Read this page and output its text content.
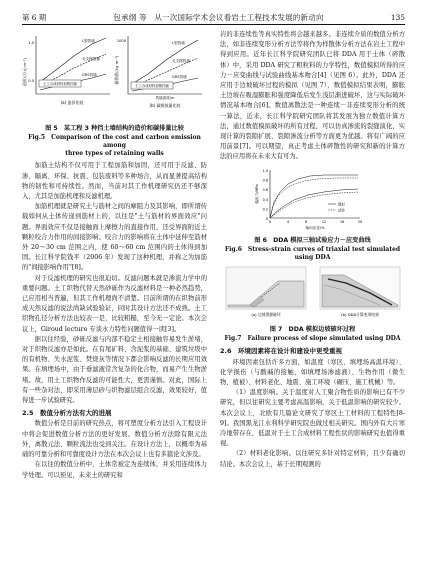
第 6 期	包承纲 等　从一次国际学术会议看岩土工程技术发展的新动向	135
造价/(万元·m⁻¹)
1.5
0.5
L型挡墙
无支撑挡墙
GRS挡墙
土工合成材料加筋挡墙
(a) 造价比较
碳排放/(kg·m⁻¹)
1000	L型挡墙
无支撑挡墙
GRS挡墙
土工合成材料加筋挡墙
挡墙高度/m
(b) 碳排放量比较
图 5　某工程 3 种挡土墙结构的造价和碳排量比较
Fig.5　Comparison of the cost and carbon emission among
three types of retaining walls

加筋土结构不仅可用于工程加筋和加固，还可用于反滤、防渗、隔离、环保、抗震、包装废料等多种场合，从而显著提高结构物的韧性和可持续性。然而，当前对其工作机理研究仍还不够深入，尤其是加筋机理和反滤机理。

加筋机理就是研究土与筋材之间的摩阻力及其影响，即所谓传载如何从土体传递到筋材上的，以往是"土与筋材的界面效应"问题。界面效应不仅是接触面上摩擦力的直接作用，还受界面附近土颗粒咬合力作用的间接影响。咬合力的影响将在土体中延伸至筋材外 20～30 cm 范围之内，使 60～60 cm 范围内的土体得到加固。长江科学院钱平（2006 年）发现了这种机理，并称之为加筋的"间接影响作用"[8]。

对于反滤机理的研究也很迫切。反滤问题本就是渗流力学中的重要问题。土工织物代替天然砂砾作为反滤材料是一种必然趋势，已应用相当普遍，但其工作机理尚不清楚。目前所谓的在织物前形成天然反滤的说法尚缺试验验证，同时其设计方法还不成熟。土工织物孔径分析方法也较表一是，比较粗糙，至今无一定论。本次会议上，Giroud lecture 专谈水力特性问题值得一读[3]。

据以往经验，砂砾反滤与内部不稳定土相接触容易发生淤堵，对于织物反滤亦是如此。在有尾矿料、含泥浆的基础、建筑垃圾中的有机物、失水泥浆、焚烧灰等情况下都会影响反滤的长期应用效果。在填埋场中，由于垂滤液常含复杂的化合物，而易产生生物淤堵。故，用土工织物作反滤的可能性大，更需谨慎。对此，国际上有一些杂对法，即采用薄层砂与织物滤层组合反滤，效果较好，值得进一步试验研究。

2.5　数值分析方法有大的进展

数值分析是目前的研究热点，将可塑度分析方法引入工程设计中将会促进数值分析方法的更好发展。数值分析方法除有限元法外，离散元法、颗粒流法也受到关注。在设计方法上，以概率为基础的可靠分析和可靠度设计方法在本次会议上也有多篇论文涉及。

在以往的数值分析中，土体常被定为连续体，并采用连续体力学处理。可以预见，未来土的研究和

岩的非连续性等真实特性将会越来越多。非连续介质的数值分析方法，如非连续变形分析方法等将作为样散体分析方法在岩土工程中得到应用。近年长江科学院研究团队已将 DDA 用于土体（碎散体）中，采用 DDA 研究了粗粒料的力学特性，数值模拟所得的应力－应变曲线与试验曲线基本吻合[4]（见图 6）。此外，DDA 还应用于边坡破坏过程的模拟（见图 7），数值模拟结果表明，膨胀土边坡在吸湿膨胀和强度降低后发生浅层渐进破坏，这与实际破坏情况基本吻合[6]。数值离散法是一种连续－非连续变形分析的统一算法，近来，长江科学院研究团队将其发展为独立数值计算方法，通过数值模拟破坏的所有过程，可以仿真渗流的裂缝演化，实现计算的裂隙扩展、裂隙渗流分析等方面更为优越。将有广阔的应用前景[7]。可以期望，真正考虑土体碎散性的研究和新的计算方法的应用将在未来大有可为。

偏应力/MPa
1.0
0.8
0.6
0.4
0.2
0
0	4	8	12	16	20
轴向应变/%
模拟
试验
图 6　DDA 模拟三轴试验应力－应变曲线
Fig.6　Stress-strain curves of triaxial test simulated
using DDA
(a) 边坡滑移破坏	(b) DDA计算变形结果
图 7　DDA 模拟边坡破坏过程
Fig.7　Failure process of slope simulated using DDA
2.6　环境因素将在设计和建设中更受重视

环境因素包括许多方面，如温度（寒区、填埋场高温环境）、化学损伤（与酸碱的接触，如填埋场渗滤液）、生物作用（微生物、植被）、材料老化、地震、施工环境（碾压、施工机械）等。

（1）温度影响。关于温度对人工聚合物性质的影响已有不少研究，但以往研究主要考虑高温影响，关于低温影响的研究较少。本次会议上，北欧有几篇论文研究了寒区土工材料的工程特性[8-9]。我国黑龙江水利科学研究院也做过相关研究。国内外有大片寒冷地带存在，低温对于土工合成材料工程性状的影响研究也值得重视。

（2）材料老化影响。以往研究多针对特定材料，且少有确切结论。本次会议上，基于长期观测的
